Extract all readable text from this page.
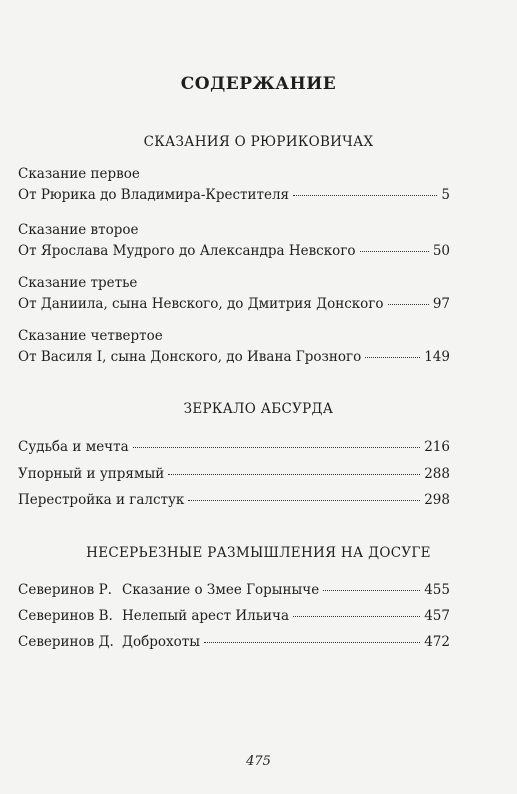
СОДЕРЖАНИЕ
СКАЗАНИЯ О РЮРИКОВИЧАХ
Сказание первое
От Рюрика до Владимира-Крестителя	5
Сказание второе
От Ярослава Мудрого до Александра Невского	50
Сказание третье
От Даниила, сына Невского, до Дмитрия Донского	97
Сказание четвертое
От Василя I, сына Донского, до Ивана Грозного	149
ЗЕРКАЛО АБСУРДА
Судьба и мечта	216
Упорный и упрямый	288
Перестройка и галстук	298
НЕСЕРЬЕЗНЫЕ РАЗМЫШЛЕНИЯ НА ДОСУГЕ
Северинов Р. Сказание о Змее Горыныче	455
Северинов В. Нелепый арест Ильича	457
Северинов Д. Доброхоты	472
475
